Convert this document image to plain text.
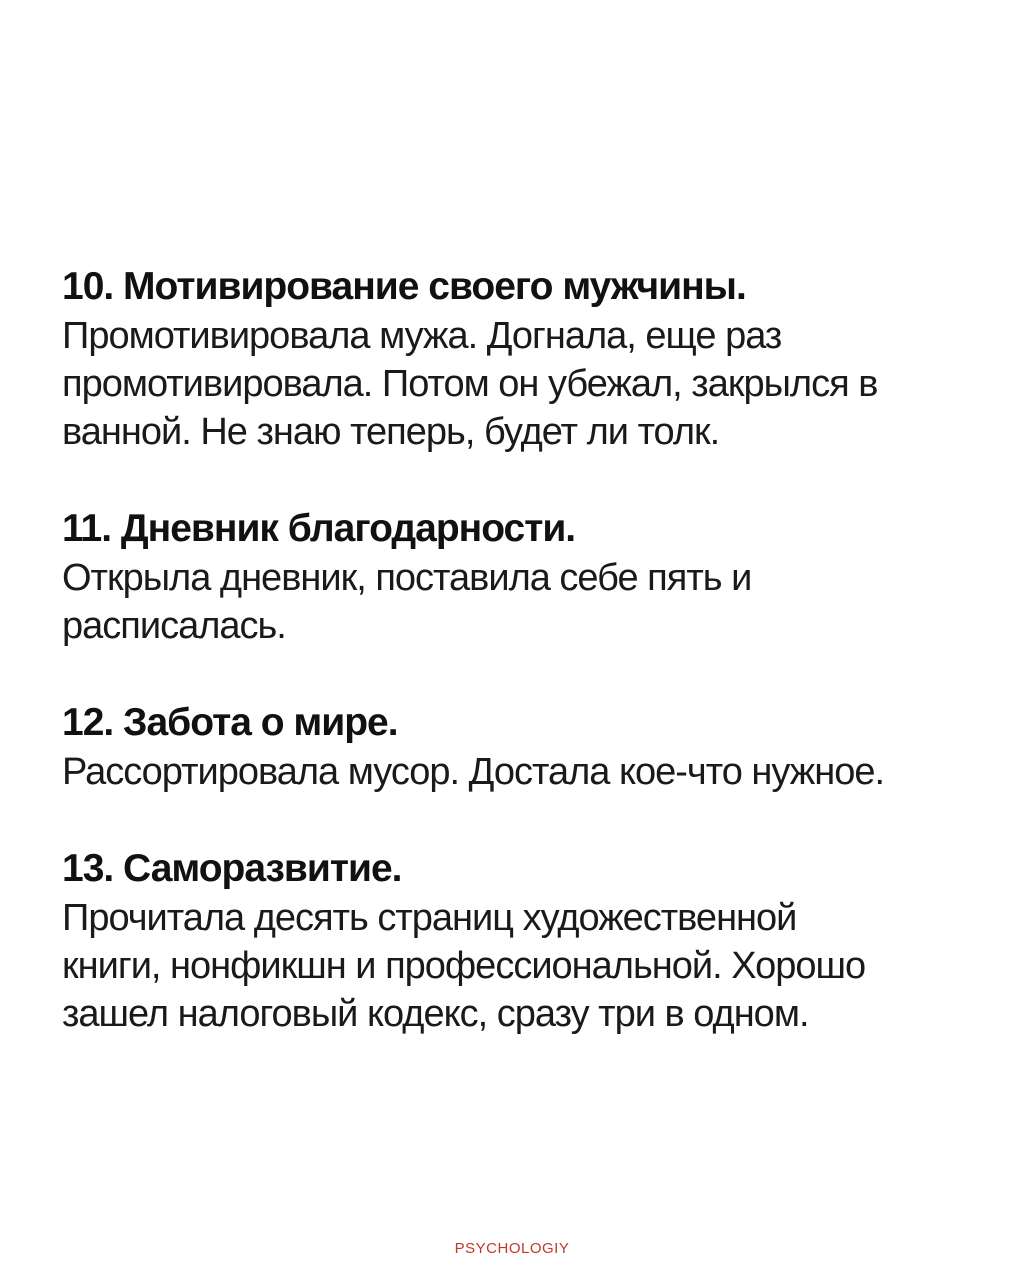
10. Мотивирование своего мужчины.

Промотивировала мужа. Догнала, еще раз
промотивировала. Потом он убежал, закрылся в
ванной. Не знаю теперь, будет ли толк.

11. Дневник благодарности.

Открыла дневник, поставила себе пять и
расписалась.

12. Забота о мире.

Рассортировала мусор. Достала кое-что нужное.

13. Саморазвитие.

Прочитала десять страниц художественной
книги, нонфикшн и профессиональной. Хорошо
зашел налоговый кодекс, сразу три в одном.

PSYCHOLOGIY
